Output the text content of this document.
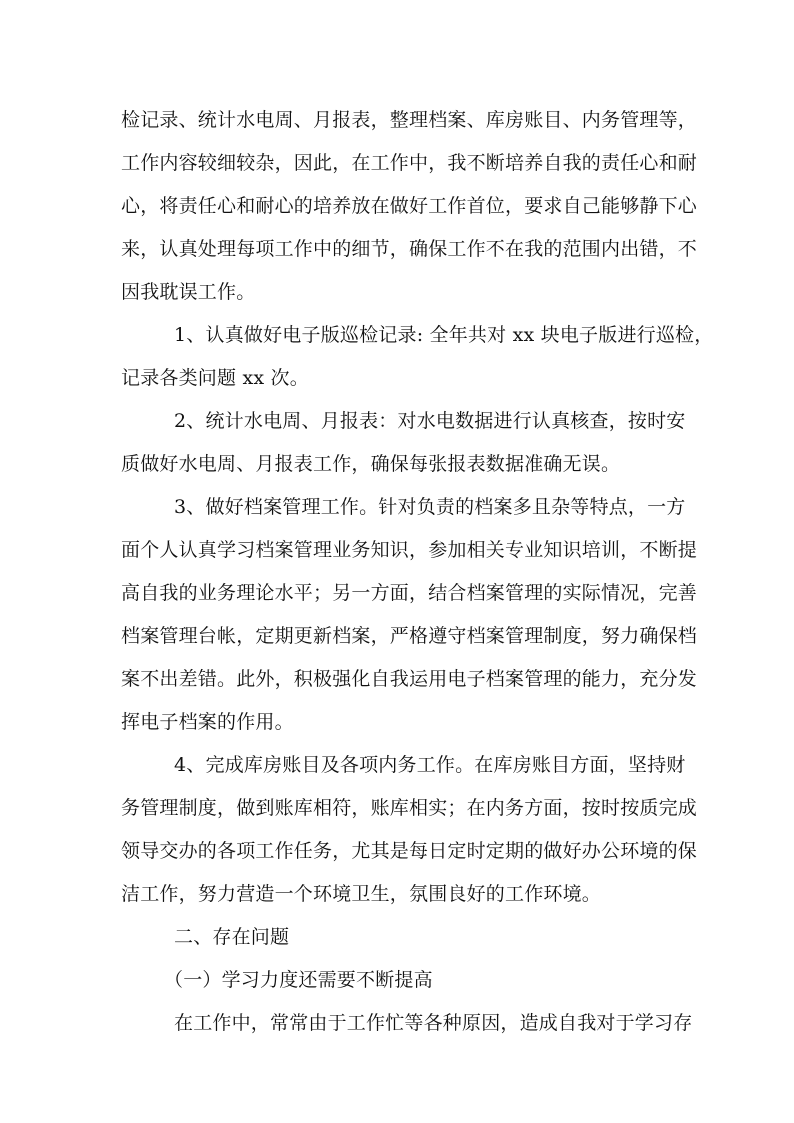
检记录、统计水电周、月报表，整理档案、库房账目、内务管理等，
工作内容较细较杂，因此，在工作中，我不断培养自我的责任心和耐
心，将责任心和耐心的培养放在做好工作首位，要求自己能够静下心
来，认真处理每项工作中的细节，确保工作不在我的范围内出错，不
因我耽误工作。
1、认真做好电子版巡检记录: 全年共对 xx 块电子版进行巡检，
记录各类问题 xx 次。
2、统计水电周、月报表：对水电数据进行认真核查，按时安
质做好水电周、月报表工作，确保每张报表数据准确无误。
3、做好档案管理工作。针对负责的档案多且杂等特点，一方
面个人认真学习档案管理业务知识，参加相关专业知识培训，不断提
高自我的业务理论水平；另一方面，结合档案管理的实际情况，完善
档案管理台帐，定期更新档案，严格遵守档案管理制度，努力确保档
案不出差错。此外，积极强化自我运用电子档案管理的能力，充分发
挥电子档案的作用。
4、完成库房账目及各项内务工作。在库房账目方面，坚持财
务管理制度，做到账库相符，账库相实；在内务方面，按时按质完成
领导交办的各项工作任务，尤其是每日定时定期的做好办公环境的保
洁工作，努力营造一个环境卫生，氛围良好的工作环境。
二、存在问题
（一）学习力度还需要不断提高
在工作中，常常由于工作忙等各种原因，造成自我对于学习存
